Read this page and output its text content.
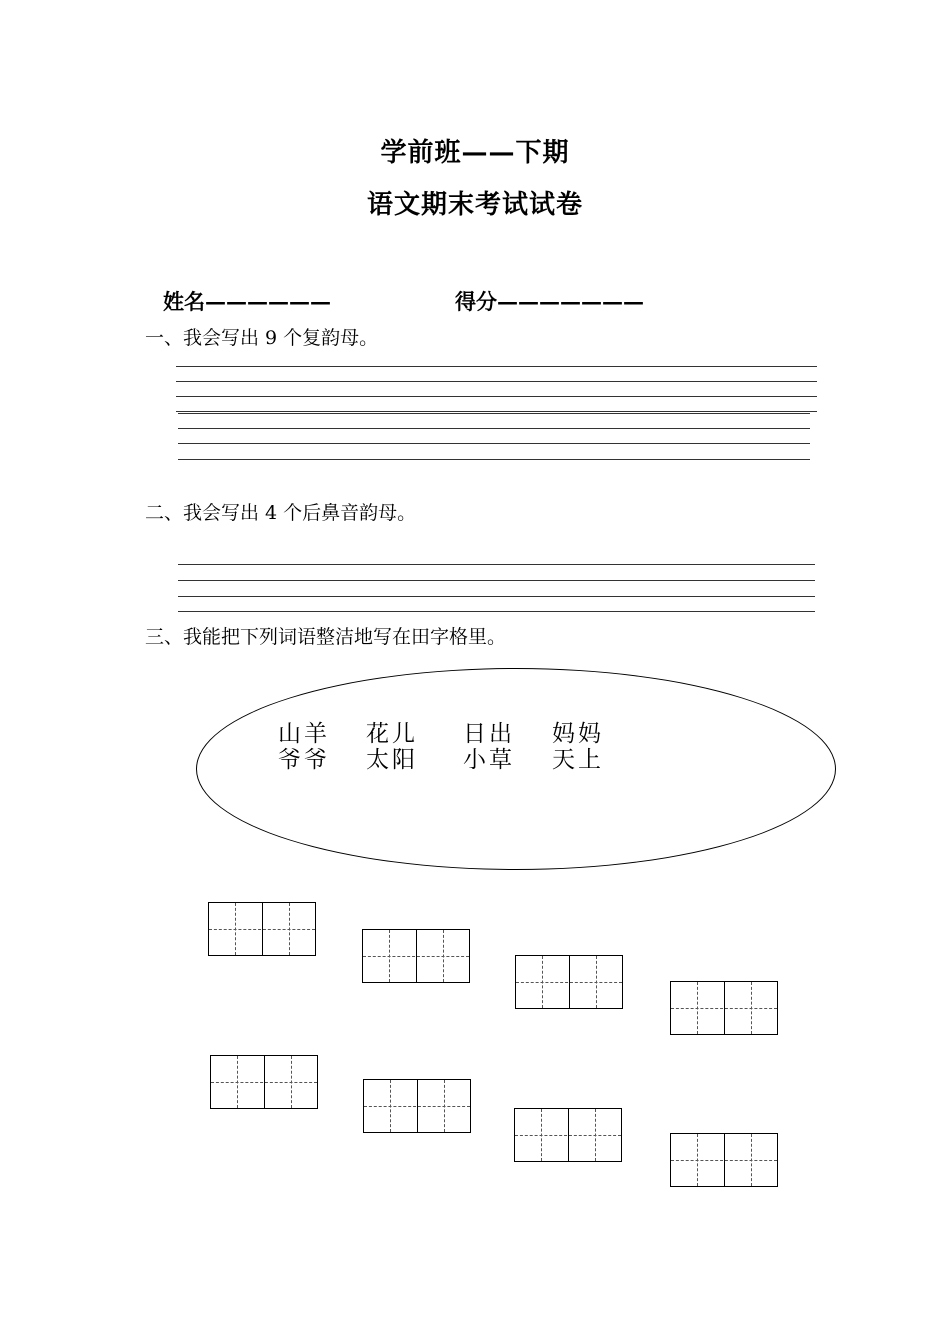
学前班——下期
语文期末考试试卷
姓名——————	得分———————
一、我会写出 9 个复韵母。
二、我会写出 4 个后鼻音韵母。
三、我能把下列词语整洁地写在田字格里。
山羊 花儿 日出 妈妈
爷爷 太阳 小草 天上
